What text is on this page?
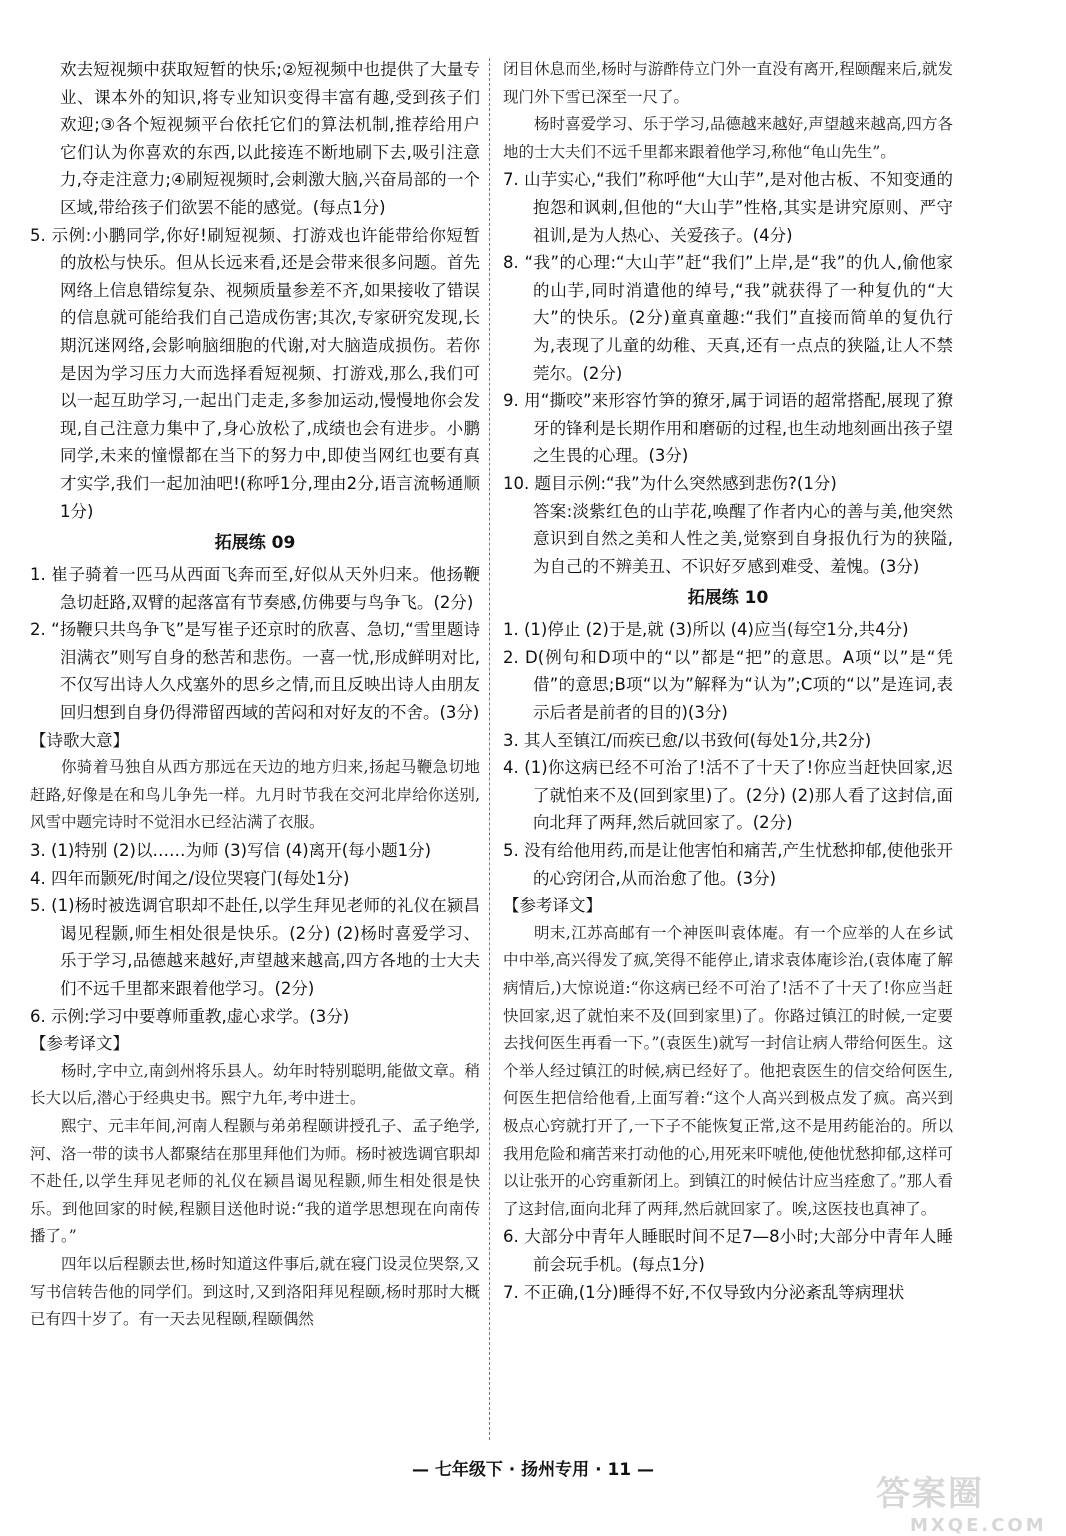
欢去短视频中获取短暂的快乐;②短视频中也提供了大量专业、课本外的知识,将专业知识变得丰富有趣,受到孩子们欢迎;③各个短视频平台依托它们的算法机制,推荐给用户它们认为你喜欢的东西,以此接连不断地刷下去,吸引注意力,夺走注意力;④刷短视频时,会刺激大脑,兴奋局部的一个区域,带给孩子们欲罢不能的感觉。(每点1分)

5. 示例:小鹏同学,你好!刷短视频、打游戏也许能带给你短暂的放松与快乐。但从长远来看,还是会带来很多问题。首先网络上信息错综复杂、视频质量参差不齐,如果接收了错误的信息就可能给我们自己造成伤害;其次,专家研究发现,长期沉迷网络,会影响脑细胞的代谢,对大脑造成损伤。若你是因为学习压力大而选择看短视频、打游戏,那么,我们可以一起互助学习,一起出门走走,多参加运动,慢慢地你会发现,自己注意力集中了,身心放松了,成绩也会有进步。小鹏同学,未来的憧憬都在当下的努力中,即使当网红也要有真才实学,我们一起加油吧!(称呼1分,理由2分,语言流畅通顺1分)

拓展练 09

1. 崔子骑着一匹马从西面飞奔而至,好似从天外归来。他扬鞭急切赶路,双臂的起落富有节奏感,仿佛要与鸟争飞。(2分)

2. “扬鞭只共鸟争飞”是写崔子还京时的欣喜、急切,“雪里题诗泪满衣”则写自身的愁苦和悲伤。一喜一忧,形成鲜明对比,不仅写出诗人久戍塞外的思乡之情,而且反映出诗人由朋友回归想到自身仍得滞留西域的苦闷和对好友的不舍。(3分)

【诗歌大意】

你骑着马独自从西方那远在天边的地方归来,扬起马鞭急切地赶路,好像是在和鸟儿争先一样。九月时节我在交河北岸给你送别,风雪中题完诗时不觉泪水已经沾满了衣服。

3. (1)特别 (2)以……为师 (3)写信 (4)离开(每小题1分)

4. 四年而颢死/时闻之/设位哭寝门(每处1分)

5. (1)杨时被选调官职却不赴任,以学生拜见老师的礼仪在颍昌谒见程颢,师生相处很是快乐。(2分) (2)杨时喜爱学习、乐于学习,品德越来越好,声望越来越高,四方各地的士大夫们不远千里都来跟着他学习。(2分)

6. 示例:学习中要尊师重教,虚心求学。(3分)

【参考译文】

杨时,字中立,南剑州将乐县人。幼年时特别聪明,能做文章。稍长大以后,潜心于经典史书。熙宁九年,考中进士。

熙宁、元丰年间,河南人程颢与弟弟程颐讲授孔子、孟子绝学,河、洛一带的读书人都聚结在那里拜他们为师。杨时被选调官职却不赴任,以学生拜见老师的礼仪在颍昌谒见程颢,师生相处很是快乐。到他回家的时候,程颢目送他时说:“我的道学思想现在向南传播了。”

四年以后程颢去世,杨时知道这件事后,就在寝门设灵位哭祭,又写书信转告他的同学们。到这时,又到洛阳拜见程颐,杨时那时大概已有四十岁了。有一天去见程颐,程颐偶然

闭目休息而坐,杨时与游酢侍立门外一直没有离开,程颐醒来后,就发现门外下雪已深至一尺了。

杨时喜爱学习、乐于学习,品德越来越好,声望越来越高,四方各地的士大夫们不远千里都来跟着他学习,称他“龟山先生”。

7. 山芋实心,“我们”称呼他“大山芋”,是对他古板、不知变通的抱怨和讽刺,但他的“大山芋”性格,其实是讲究原则、严守祖训,是为人热心、关爱孩子。(4分)

8. “我”的心理:“大山芋”赶“我们”上岸,是“我”的仇人,偷他家的山芋,同时消遣他的绰号,“我”就获得了一种复仇的“大大”的快乐。(2分)童真童趣:“我们”直接而简单的复仇行为,表现了儿童的幼稚、天真,还有一点点的狭隘,让人不禁莞尔。(2分)

9. 用“撕咬”来形容竹笋的獠牙,属于词语的超常搭配,展现了獠牙的锋利是长期作用和磨砺的过程,也生动地刻画出孩子望之生畏的心理。(3分)

10. 题目示例:“我”为什么突然感到悲伤?(1分)

答案:淡紫红色的山芋花,唤醒了作者内心的善与美,他突然意识到自然之美和人性之美,觉察到自身报仇行为的狭隘,为自己的不辨美丑、不识好歹感到难受、羞愧。(3分)

拓展练 10

1. (1)停止 (2)于是,就 (3)所以 (4)应当(每空1分,共4分)

2. D(例句和D项中的“以”都是“把”的意思。A项“以”是“凭借”的意思;B项“以为”解释为“认为”;C项的“以”是连词,表示后者是前者的目的)(3分)

3. 其人至镇江/而疾已愈/以书致何(每处1分,共2分)

4. (1)你这病已经不可治了!活不了十天了!你应当赶快回家,迟了就怕来不及(回到家里)了。(2分) (2)那人看了这封信,面向北拜了两拜,然后就回家了。(2分)

5. 没有给他用药,而是让他害怕和痛苦,产生忧愁抑郁,使他张开的心窍闭合,从而治愈了他。(3分)

【参考译文】

明末,江苏高邮有一个神医叫袁体庵。有一个应举的人在乡试中中举,高兴得发了疯,笑得不能停止,请求袁体庵诊治,(袁体庵了解病情后,)大惊说道:“你这病已经不可治了!活不了十天了!你应当赶快回家,迟了就怕来不及(回到家里)了。你路过镇江的时候,一定要去找何医生再看一下。”(袁医生)就写一封信让病人带给何医生。这个举人经过镇江的时候,病已经好了。他把袁医生的信交给何医生,何医生把信给他看,上面写着:“这个人高兴到极点发了疯。高兴到极点心窍就打开了,一下子不能恢复正常,这不是用药能治的。所以我用危险和痛苦来打动他的心,用死来吓唬他,使他忧愁抑郁,这样可以让张开的心窍重新闭上。到镇江的时候估计应当痊愈了。”那人看了这封信,面向北拜了两拜,然后就回家了。唉,这医技也真神了。

6. 大部分中青年人睡眠时间不足7—8小时;大部分中青年人睡前会玩手机。(每点1分)

7. 不正确,(1分)睡得不好,不仅导致内分泌紊乱等病理状

— 七年级下 · 扬州专用 · 11 —
答案圈
MXQE.COM
